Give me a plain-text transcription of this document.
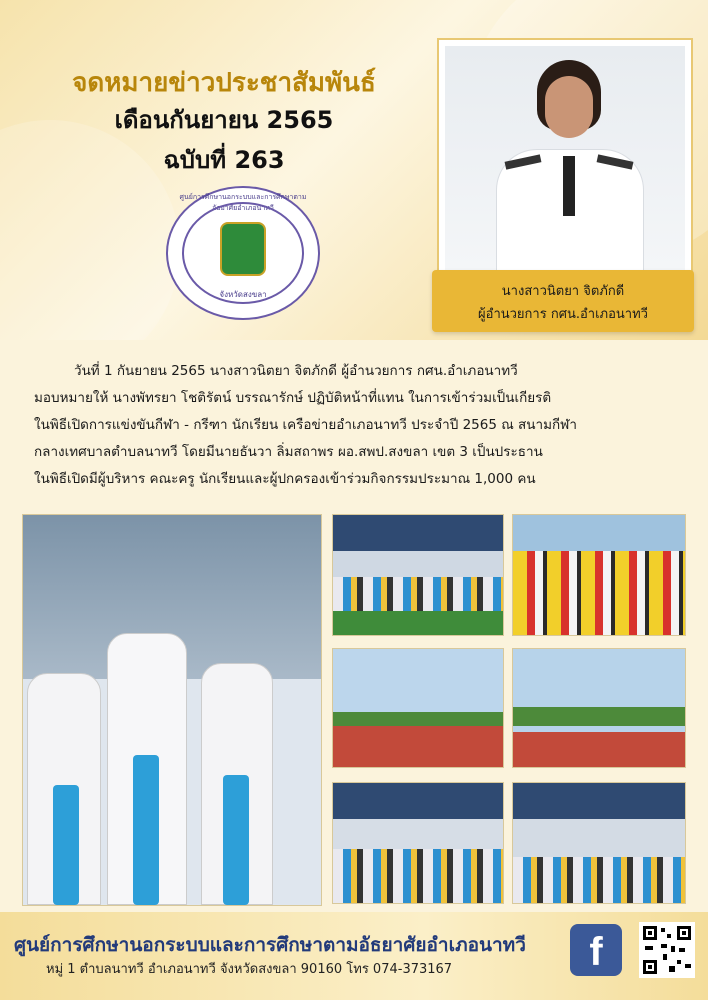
จดหมายข่าวประชาสัมพันธ์
เดือนกันยายน 2565
ฉบับที่ 263
ศูนย์การศึกษานอกระบบและการศึกษาตามอัธยาศัยอำเภอนาทวี
จังหวัดสงขลา	นางสาวนิตยา จิตภักดี
ผู้อำนวยการ กศน.อำเภอนาทวี
วันที่ 1 กันยายน 2565 นางสาวนิตยา จิตภักดี ผู้อำนวยการ กศน.อำเภอนาทวี
มอบหมายให้ นางพัทรยา โชติรัตน์ บรรณารักษ์ ปฏิบัติหน้าที่แทน ในการเข้าร่วมเป็นเกียรติ
ในพิธีเปิดการแข่งขันกีฬา - กรีฑา นักเรียน เครือข่ายอำเภอนาทวี ประจำปี 2565 ณ สนามกีฬา
กลางเทศบาลตำบลนาทวี โดยมีนายธันวา ลิ่มสถาพร ผอ.สพป.สงขลา เขต 3 เป็นประธาน
ในพิธีเปิดมีผู้บริหาร คณะครู นักเรียนและผู้ปกครองเข้าร่วมกิจกรรมประมาณ 1,000 คน
ศูนย์การศึกษานอกระบบและการศึกษาตามอัธยาศัยอำเภอนาทวี
หมู่ 1 ตำบลนาทวี อำเภอนาทวี จังหวัดสงขลา 90160 โทร 074-373167	f
